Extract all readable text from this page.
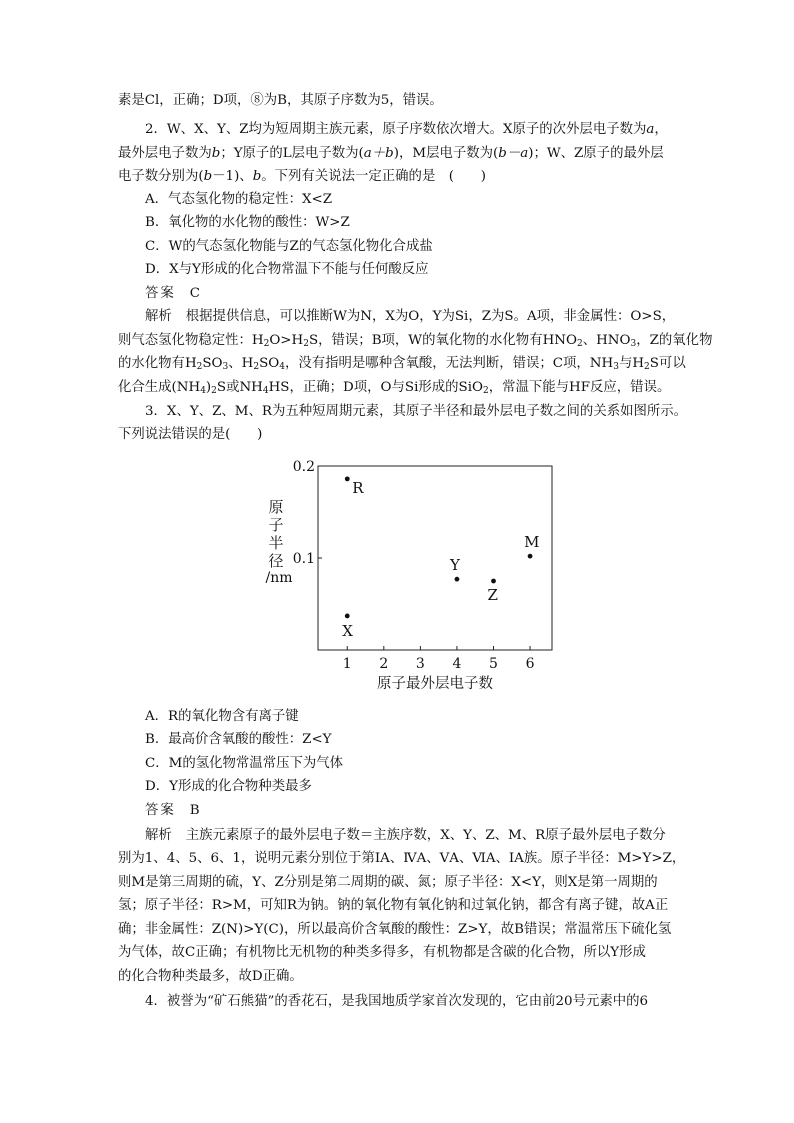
素是Cl，正确；D项，⑧为B，其原子序数为5，错误。
2．W、X、Y、Z均为短周期主族元素，原子序数依次增大。X原子的次外层电子数为a，
最外层电子数为b；Y原子的L层电子数为(a＋b)，M层电子数为(b－a)；W、Z原子的最外层
电子数分别为(b－1)、b。下列有关说法一定正确的是　(　　)
A．气态氢化物的稳定性：X<Z
B．氧化物的水化物的酸性：W>Z
C．W的气态氢化物能与Z的气态氢化物化合成盐
D．X与Y形成的化合物常温下不能与任何酸反应
答案 C
解析 根据提供信息，可以推断W为N，X为O，Y为Si，Z为S。A项，非金属性：O>S，
则气态氢化物稳定性：$H_2O>H_2S$，错误；B项，W的氧化物的水化物有$HNO_2$、$HNO_3$，Z的氧化物
的水化物有$H_2SO_3$、$H_2SO_4$，没有指明是哪种含氧酸，无法判断，错误；C项，$NH_3$与$H_2S$可以
化合生成$(NH_4)_2S$或$NH_4HS$，正确；D项，O与Si形成的SiO$_2$，常温下能与HF反应，错误。
3．X、Y、Z、M、R为五种短周期元素，其原子半径和最外层电子数之间的关系如图所示。
下列说法错误的是(　　)
原
子
半
径
/nm
原子最外层电子数
1 2 3 4 5 6
0.1
0.2
R
X
Y
Z
M
A．R的氧化物含有离子键
B．最高价含氧酸的酸性：Z<Y
C．M的氢化物常温常压下为气体
D．Y形成的化合物种类最多
答案 B
解析 主族元素原子的最外层电子数＝主族序数，X、Y、Z、M、R原子最外层电子数分
别为1、4、5、6、1，说明元素分别位于第ⅠA、ⅣA、ⅤA、ⅥA、ⅠA族。原子半径：M>Y>Z，
则M是第三周期的硫，Y、Z分别是第二周期的碳、氮；原子半径：X<Y，则X是第一周期的
氢；原子半径：R>M，可知R为钠。钠的氧化物有氧化钠和过氧化钠，都含有离子键，故A正
确；非金属性：Z(N)>Y(C)，所以最高价含氧酸的酸性：Z>Y，故B错误；常温常压下硫化氢
为气体，故C正确；有机物比无机物的种类多得多，有机物都是含碳的化合物，所以Y形成
的化合物种类最多，故D正确。
4．被誉为“矿石熊猫”的香花石，是我国地质学家首次发现的，它由前20号元素中的6
